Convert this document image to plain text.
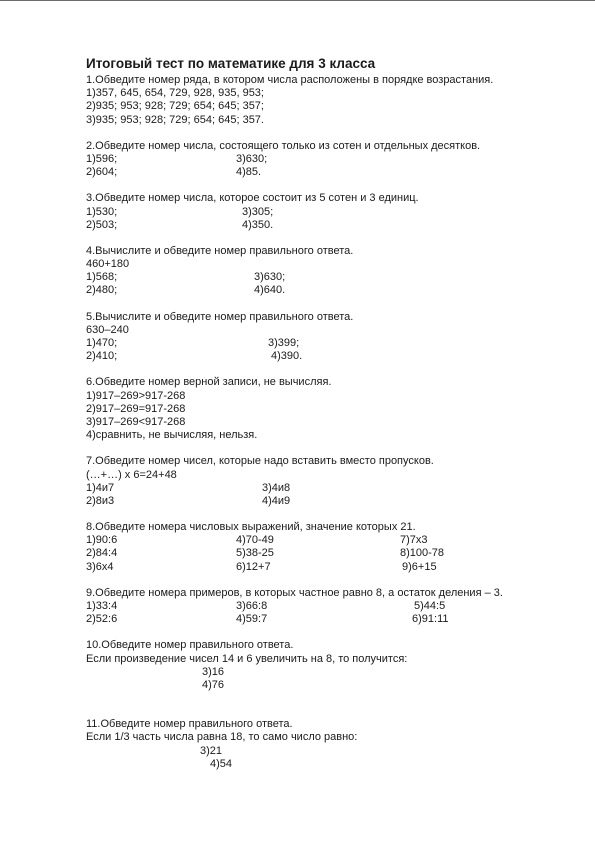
Итоговый тест по математике для 3 класса
1.Обведите номер ряда, в котором числа расположены в порядке возрастания.
1)357, 645, 654, 729, 928, 935, 953;
2)935; 953; 928; 729; 654; 645; 357;
3)935; 953; 928; 729; 654; 645; 357.
2.Обведите номер числа, состоящего только из сотен и отдельных десятков.
1)596;	3)630;
2)604;	4)85.
3.Обведите номер числа, которое состоит из 5 сотен и 3 единиц.
1)530;	3)305;
2)503;	4)350.
4.Вычислите и обведите номер правильного ответа.
460+180
1)568;	3)630;
2)480;	4)640.
5.Вычислите и обведите номер правильного ответа.
630–240
1)470;	3)399;
2)410;	4)390.
6.Обведите номер верной записи, не вычисляя.
1)917–269>917-268
2)917–269=917-268
3)917–269<917-268
4)сравнить, не вычисляя, нельзя.
7.Обведите номер чисел, которые надо вставить вместо пропусков.
(…+…) х 6=24+48
1)4и7	3)4и8
2)8и3	4)4и9
8.Обведите номера числовых выражений, значение которых 21.
1)90:6	4)70-49	7)7х3
2)84:4	5)38-25	8)100-78
3)6х4	6)12+7	9)6+15
9.Обведите номера примеров, в которых частное равно 8, а остаток деления – 3.
1)33:4	3)66:8	5)44:5
2)52:6	4)59:7	6)91:11
10.Обведите номер правильного ответа.
Если произведение чисел 14 и 6 увеличить на 8, то получится:
3)16
4)76
11.Обведите номер правильного ответа.
Если 1/3 часть числа равна 18, то само число равно:
3)21
4)54
